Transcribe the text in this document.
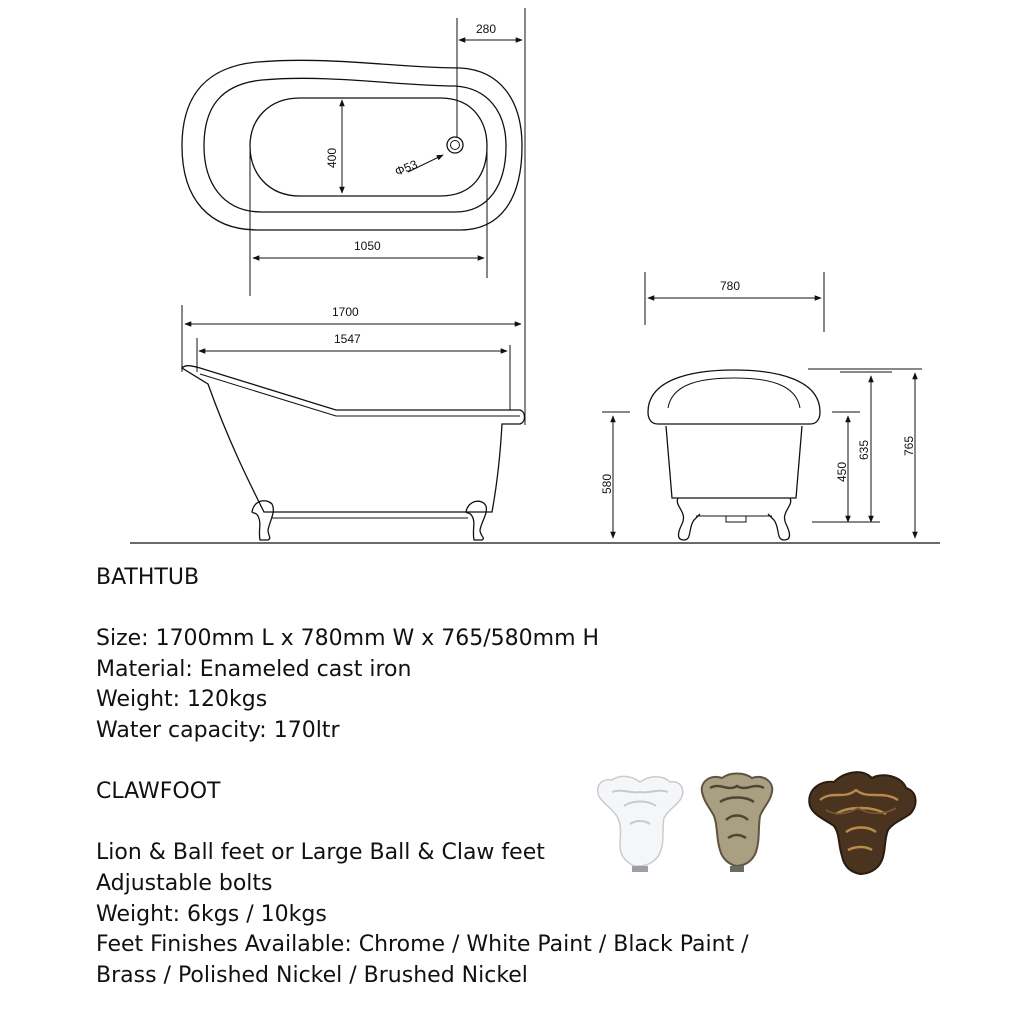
280
400	Φ53
1050
1700
1547
780
580
450
635	765

BATHTUB

Size: 1700mm L x 780mm W x 765/580mm H

Material: Enameled cast iron

Weight: 120kgs

Water capacity: 170ltr

CLAWFOOT

Lion & Ball feet or Large Ball & Claw feet

Adjustable bolts

Weight: 6kgs / 10kgs

Feet Finishes Available: Chrome / White Paint / Black Paint /

Brass / Polished Nickel / Brushed Nickel
